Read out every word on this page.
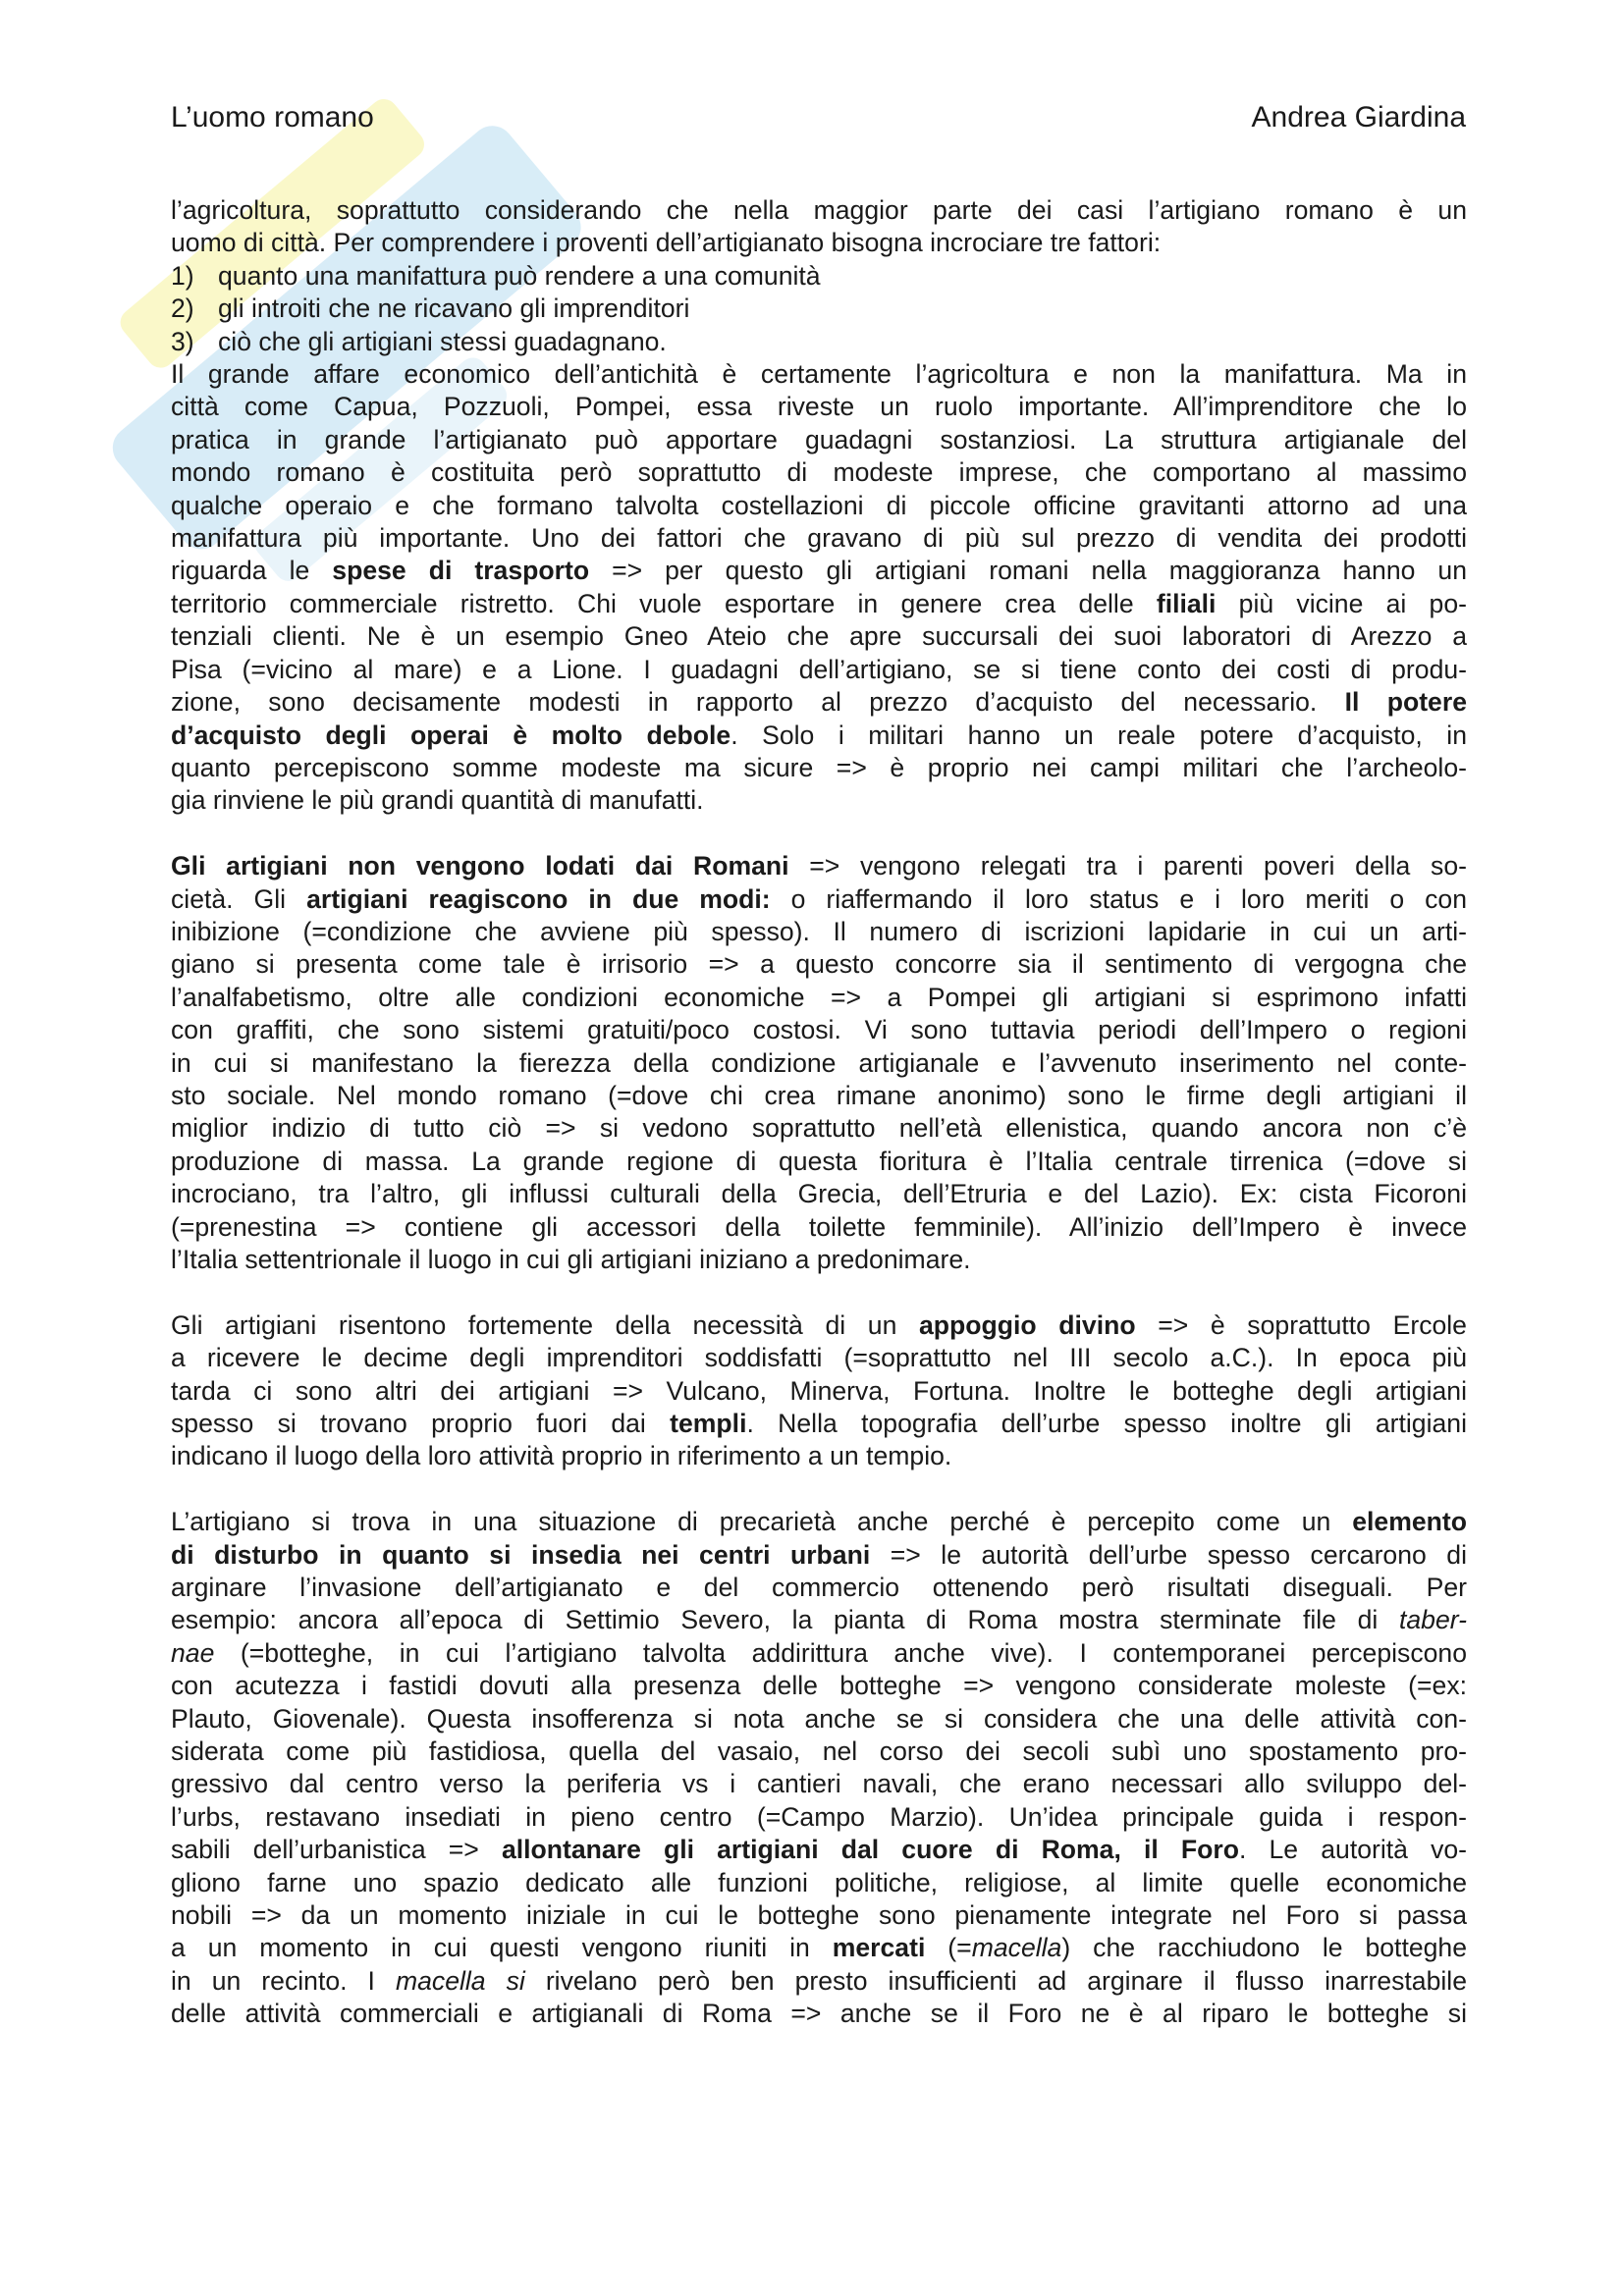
L’uomo romano	Andrea Giardina

l’agricoltura, soprattutto considerando che nella maggior parte dei casi l’artigiano romano è un
uomo di città. Per comprendere i proventi dell’artigianato bisogna incrociare tre fattori:
1) quanto una manifattura può rendere a una comunità
2) gli introiti che ne ricavano gli imprenditori
3) ciò che gli artigiani stessi guadagnano.
Il grande affare economico dell’antichità è certamente l’agricoltura e non la manifattura. Ma in
città come Capua, Pozzuoli, Pompei, essa riveste un ruolo importante. All’imprenditore che lo
pratica in grande l’artigianato può apportare guadagni sostanziosi. La struttura artigianale del
mondo romano è costituita però soprattutto di modeste imprese, che comportano al massimo
qualche operaio e che formano talvolta costellazioni di piccole officine gravitanti attorno ad una
manifattura più importante. Uno dei fattori che gravano di più sul prezzo di vendita dei prodotti
riguarda le spese di trasporto => per questo gli artigiani romani nella maggioranza hanno un
territorio commerciale ristretto. Chi vuole esportare in genere crea delle filiali più vicine ai po-
tenziali clienti. Ne è un esempio Gneo Ateio che apre succursali dei suoi laboratori di Arezzo a
Pisa (=vicino al mare) e a Lione. I guadagni dell’artigiano, se si tiene conto dei costi di produ-
zione, sono decisamente modesti in rapporto al prezzo d’acquisto del necessario. Il potere
d’acquisto degli operai è molto debole. Solo i militari hanno un reale potere d’acquisto, in
quanto percepiscono somme modeste ma sicure => è proprio nei campi militari che l’archeolo-
gia rinviene le più grandi quantità di manufatti.

Gli artigiani non vengono lodati dai Romani => vengono relegati tra i parenti poveri della so-
cietà. Gli artigiani reagiscono in due modi: o riaffermando il loro status e i loro meriti o con
inibizione (=condizione che avviene più spesso). Il numero di iscrizioni lapidarie in cui un arti-
giano si presenta come tale è irrisorio => a questo concorre sia il sentimento di vergogna che
l’analfabetismo, oltre alle condizioni economiche => a Pompei gli artigiani si esprimono infatti
con graffiti, che sono sistemi gratuiti/poco costosi. Vi sono tuttavia periodi dell’Impero o regioni
in cui si manifestano la fierezza della condizione artigianale e l’avvenuto inserimento nel conte-
sto sociale. Nel mondo romano (=dove chi crea rimane anonimo) sono le firme degli artigiani il
miglior indizio di tutto ciò => si vedono soprattutto nell’età ellenistica, quando ancora non c’è
produzione di massa. La grande regione di questa fioritura è l’Italia centrale tirrenica (=dove si
incrociano, tra l’altro, gli influssi culturali della Grecia, dell’Etruria e del Lazio). Ex: cista Ficoroni
(=prenestina => contiene gli accessori della toilette femminile). All’inizio dell’Impero è invece
l’Italia settentrionale il luogo in cui gli artigiani iniziano a predonimare.

Gli artigiani risentono fortemente della necessità di un appoggio divino => è soprattutto Ercole
a ricevere le decime degli imprenditori soddisfatti (=soprattutto nel III secolo a.C.). In epoca più
tarda ci sono altri dei artigiani => Vulcano, Minerva, Fortuna. Inoltre le botteghe degli artigiani
spesso si trovano proprio fuori dai templi. Nella topografia dell’urbe spesso inoltre gli artigiani
indicano il luogo della loro attività proprio in riferimento a un tempio.

L’artigiano si trova in una situazione di precarietà anche perché è percepito come un elemento
di disturbo in quanto si insedia nei centri urbani => le autorità dell’urbe spesso cercarono di
arginare l’invasione dell’artigianato e del commercio ottenendo però risultati diseguali. Per
esempio: ancora all’epoca di Settimio Severo, la pianta di Roma mostra sterminate file di taber-
nae (=botteghe, in cui l’artigiano talvolta addirittura anche vive). I contemporanei percepiscono
con acutezza i fastidi dovuti alla presenza delle botteghe => vengono considerate moleste (=ex:
Plauto, Giovenale). Questa insofferenza si nota anche se si considera che una delle attività con-
siderata come più fastidiosa, quella del vasaio, nel corso dei secoli subì uno spostamento pro-
gressivo dal centro verso la periferia vs i cantieri navali, che erano necessari allo sviluppo del-
l’urbs, restavano insediati in pieno centro (=Campo Marzio). Un’idea principale guida i respon-
sabili dell’urbanistica => allontanare gli artigiani dal cuore di Roma, il Foro. Le autorità vo-
gliono farne uno spazio dedicato alle funzioni politiche, religiose, al limite quelle economiche
nobili => da un momento iniziale in cui le botteghe sono pienamente integrate nel Foro si passa
a un momento in cui questi vengono riuniti in mercati (=macella) che racchiudono le botteghe
in un recinto. I macella si rivelano però ben presto insufficienti ad arginare il flusso inarrestabile
delle attività commerciali e artigianali di Roma => anche se il Foro ne è al riparo le botteghe si
